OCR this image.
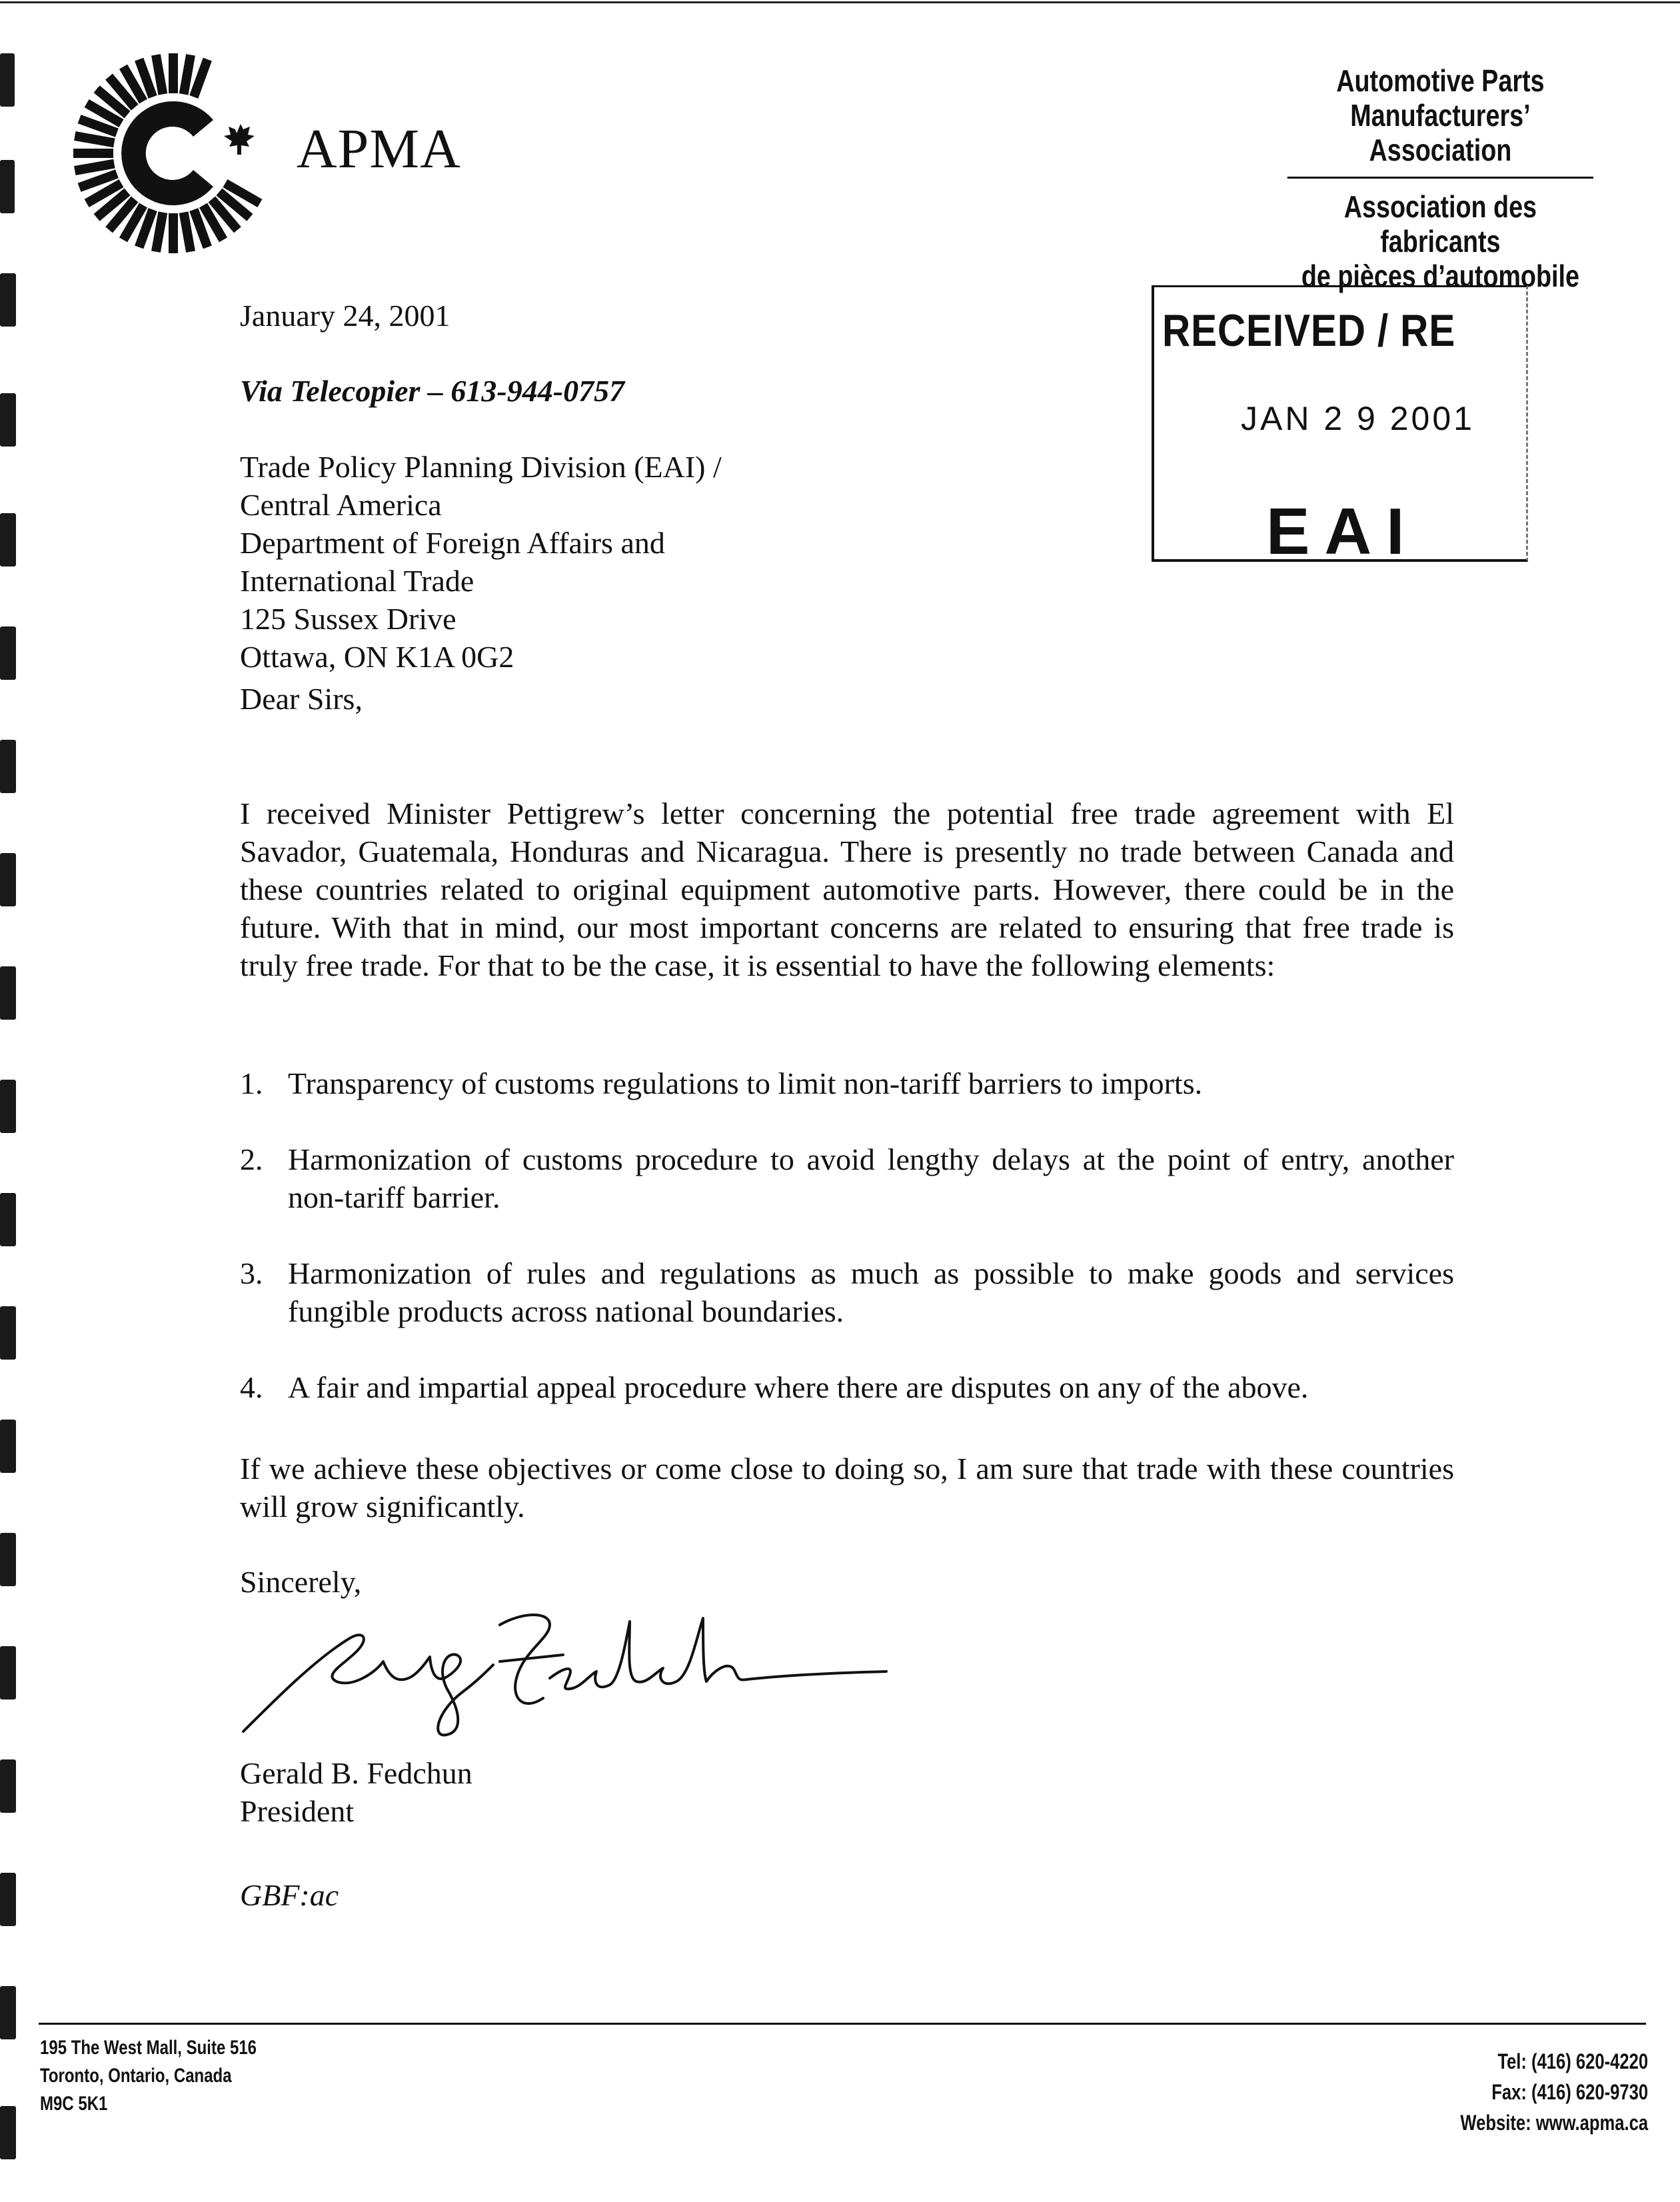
APMA
Automotive Parts
Manufacturers’ Association
Association des fabricants
de pièces d’automobile
RECEIVED / RE
JAN 2 9 2001
EAI
January 24, 2001
Via Telecopier – 613-944-0757
Trade Policy Planning Division (EAI) /
Central America
Department of Foreign Affairs and
International Trade
125 Sussex Drive
Ottawa, ON K1A 0G2
Dear Sirs,
I received Minister Pettigrew’s letter concerning the potential free trade agreement with El Savador, Guatemala, Honduras and Nicaragua. There is presently no trade between Canada and these countries related to original equipment automotive parts. However, there could be in the future. With that in mind, our most important concerns are related to ensuring that free trade is truly free trade. For that to be the case, it is essential to have the following elements:
1. Transparency of customs regulations to limit non-tariff barriers to imports.
2. Harmonization of customs procedure to avoid lengthy delays at the point of entry, another non-tariff barrier.
3. Harmonization of rules and regulations as much as possible to make goods and services fungible products across national boundaries.
4. A fair and impartial appeal procedure where there are disputes on any of the above.
If we achieve these objectives or come close to doing so, I am sure that trade with these countries will grow significantly.
Sincerely,
Gerald B. Fedchun
President
GBF:ac
195 The West Mall, Suite 516
Toronto, Ontario, Canada
M9C 5K1
Tel: (416) 620-4220
Fax: (416) 620-9730
Website: www.apma.ca
